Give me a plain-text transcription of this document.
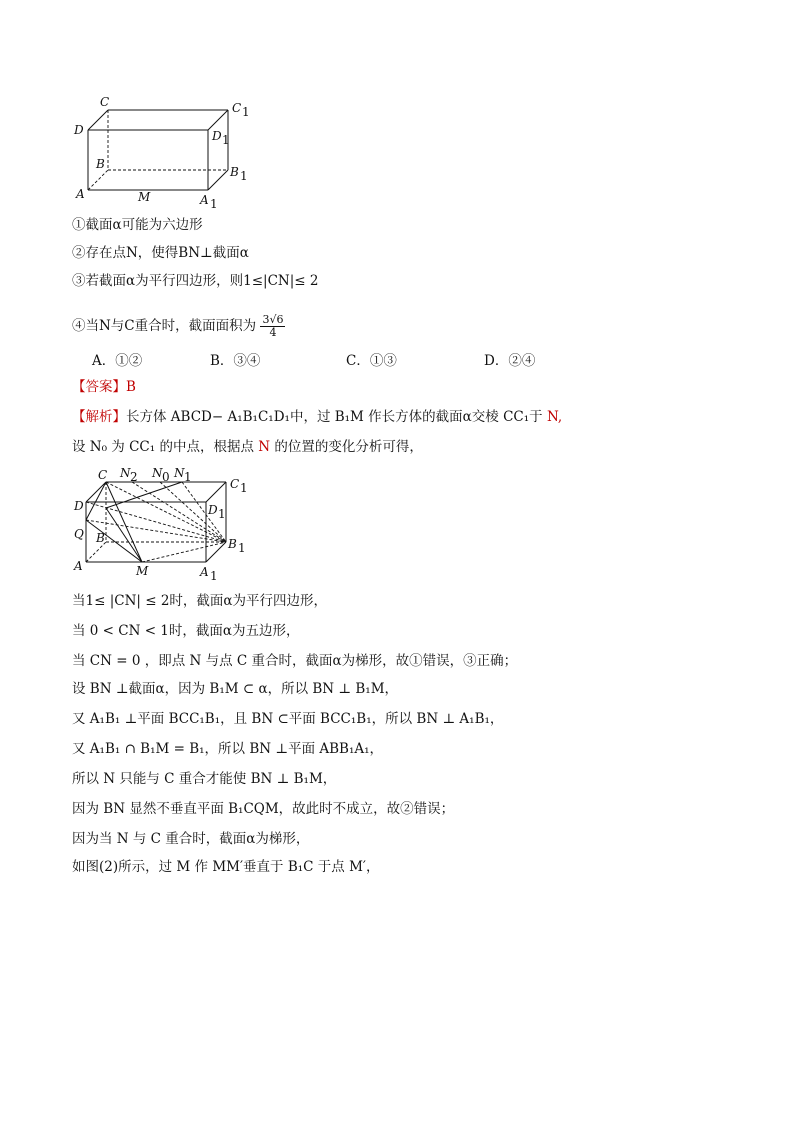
C	C 1
D	D 1
B
B 1
A	M	A 1
①截面α可能为六边形
②存在点N，使得BN⊥截面α
③若截面α为平行四边形，则1≤|CN|≤ 2
④当N与C重合时，截面面积为 $\frac{3√6}{4}$
A．①②	B．③④	C．①③	D．②④
【答案】B
【解析】长方体 ABCD− A₁B₁C₁D₁中，过 B₁M 作长方体的截面α交棱 CC₁于 N,
设 N₀ 为 CC₁ 的中点，根据点 N 的位置的变化分析可得，
C N 2 N 0 N 1	C 1
D	D 1
Q B	B 1
A	M	A 1
当1≤ |CN| ≤ 2时，截面α为平行四边形，
当 0 < CN < 1时，截面α为五边形，
当 CN = 0 ，即点 N 与点 C 重合时，截面α为梯形，故①错误，③正确；
设 BN ⊥截面α，因为 B₁M ⊂ α，所以 BN ⊥ B₁M，
又 A₁B₁ ⊥平面 BCC₁B₁，且 BN ⊂平面 BCC₁B₁，所以 BN ⊥ A₁B₁，
又 A₁B₁ ∩ B₁M = B₁，所以 BN ⊥平面 ABB₁A₁，
所以 N 只能与 C 重合才能使 BN ⊥ B₁M，
因为 BN 显然不垂直平面 B₁CQM，故此时不成立，故②错误；
因为当 N 与 C 重合时，截面α为梯形，
如图(2)所示，过 M 作 MM′垂直于 B₁C 于点 M′，
